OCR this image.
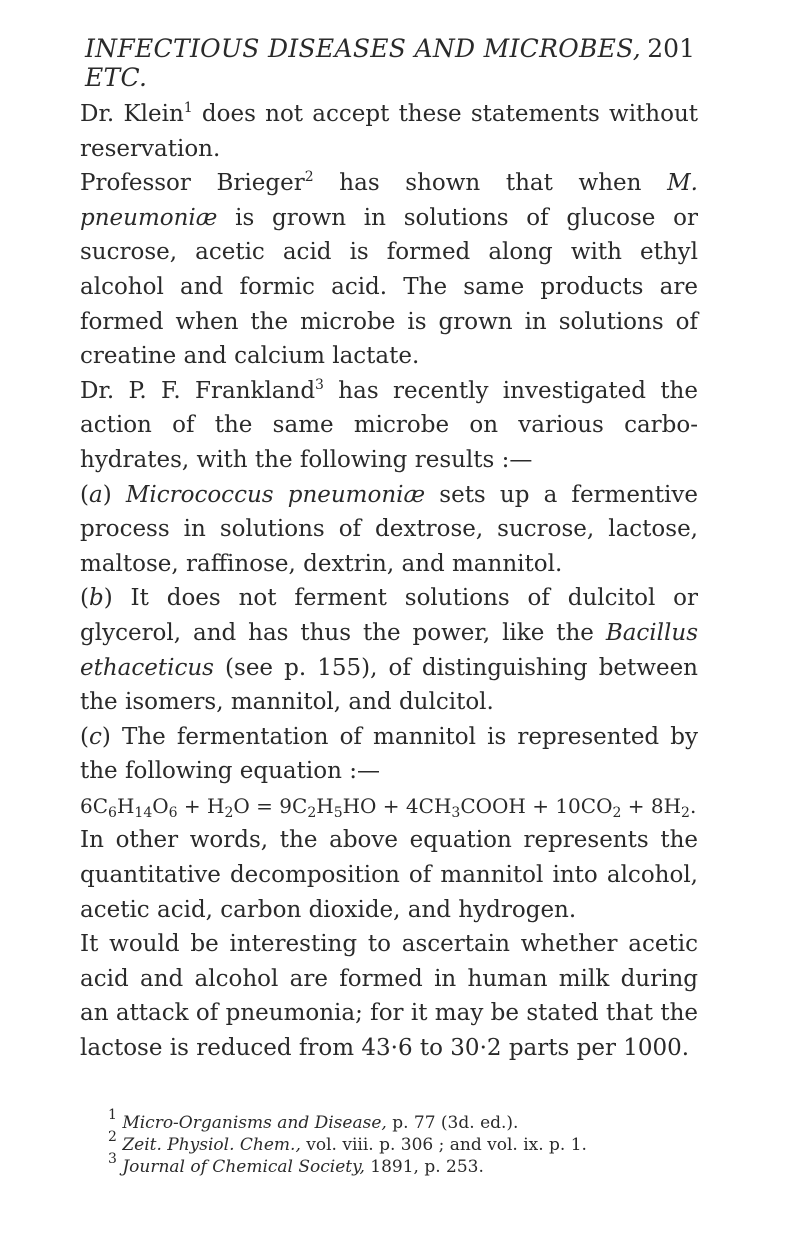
INFECTIOUS DISEASES AND MICROBES, ETC.
201

Dr. Klein$^1$ does not accept these statements without reservation.

Professor Brieger$^2$ has shown that when M. pneumoniæ is grown in solutions of glucose or sucrose, acetic acid is formed along with ethyl alcohol and formic acid. The same products are formed when the microbe is grown in solutions of creatine and calcium lactate.

Dr. P. F. Frankland$^3$ has recently investigated the action of the same microbe on various carbo-hydrates, with the following results :—

(a) Micrococcus pneumoniæ sets up a fermentive process in solutions of dextrose, sucrose, lactose, maltose, raffinose, dextrin, and mannitol.

(b) It does not ferment solutions of dulcitol or glycerol, and has thus the power, like the Bacillus ethaceticus (see p. 155), of distinguishing between the isomers, mannitol, and dulcitol.

(c) The fermentation of mannitol is represented by the following equation :—

$6C_6H_{14}O_6 + H_2O = 9C_2H_5HO$ + $4CH_3COOH + 10CO_2 + 8H_2$.

In other words, the above equation represents the quantitative decomposition of mannitol into alcohol, acetic acid, carbon dioxide, and hydrogen.

It would be interesting to ascertain whether acetic acid and alcohol are formed in human milk during an attack of pneumonia; for it may be stated that the lactose is reduced from 43·6 to 30·2 parts per 1000.

$^1$ Micro-Organisms and Disease, p. 77 (3d. ed.).

$^2$ Zeit. Physiol. Chem., vol. viii. p. 306 ; and vol. ix. p. 1.

$^3$ Journal of Chemical Society, 1891, p. 253.
